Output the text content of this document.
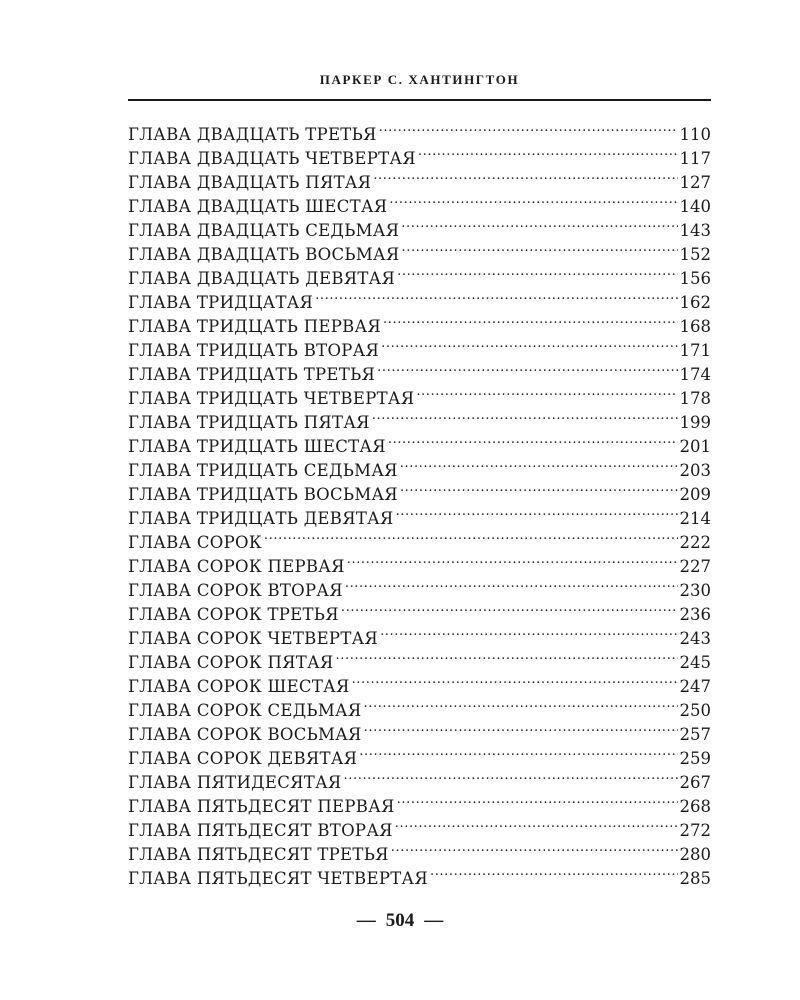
ПАРКЕР С. ХАНТИНГТОН
ГЛАВА ДВАДЦАТЬ ТРЕТЬЯ .....	110
ГЛАВА ДВАДЦАТЬ ЧЕТВЕРТАЯ .....	117
ГЛАВА ДВАДЦАТЬ ПЯТАЯ .....	127
ГЛАВА ДВАДЦАТЬ ШЕСТАЯ .....	140
ГЛАВА ДВАДЦАТЬ СЕДЬМАЯ .....	143
ГЛАВА ДВАДЦАТЬ ВОСЬМАЯ .....	152
ГЛАВА ДВАДЦАТЬ ДЕВЯТАЯ .....	156
ГЛАВА ТРИДЦАТАЯ .....	162
ГЛАВА ТРИДЦАТЬ ПЕРВАЯ .....	168
ГЛАВА ТРИДЦАТЬ ВТОРАЯ .....	171
ГЛАВА ТРИДЦАТЬ ТРЕТЬЯ .....	174
ГЛАВА ТРИДЦАТЬ ЧЕТВЕРТАЯ .....	178
ГЛАВА ТРИДЦАТЬ ПЯТАЯ .....	199
ГЛАВА ТРИДЦАТЬ ШЕСТАЯ .....	201
ГЛАВА ТРИДЦАТЬ СЕДЬМАЯ .....	203
ГЛАВА ТРИДЦАТЬ ВОСЬМАЯ .....	209
ГЛАВА ТРИДЦАТЬ ДЕВЯТАЯ .....	214
ГЛАВА СОРОК .....	222
ГЛАВА СОРОК ПЕРВАЯ .....	227
ГЛАВА СОРОК ВТОРАЯ .....	230
ГЛАВА СОРОК ТРЕТЬЯ .....	236
ГЛАВА СОРОК ЧЕТВЕРТАЯ .....	243
ГЛАВА СОРОК ПЯТАЯ .....	245
ГЛАВА СОРОК ШЕСТАЯ .....	247
ГЛАВА СОРОК СЕДЬМАЯ .....	250
ГЛАВА СОРОК ВОСЬМАЯ .....	257
ГЛАВА СОРОК ДЕВЯТАЯ .....	259
ГЛАВА ПЯТИДЕСЯТАЯ .....	267
ГЛАВА ПЯТЬДЕСЯТ ПЕРВАЯ .....	268
ГЛАВА ПЯТЬДЕСЯТ ВТОРАЯ .....	272
ГЛАВА ПЯТЬДЕСЯТ ТРЕТЬЯ .....	280
ГЛАВА ПЯТЬДЕСЯТ ЧЕТВЕРТАЯ .....	285
— 504 —
